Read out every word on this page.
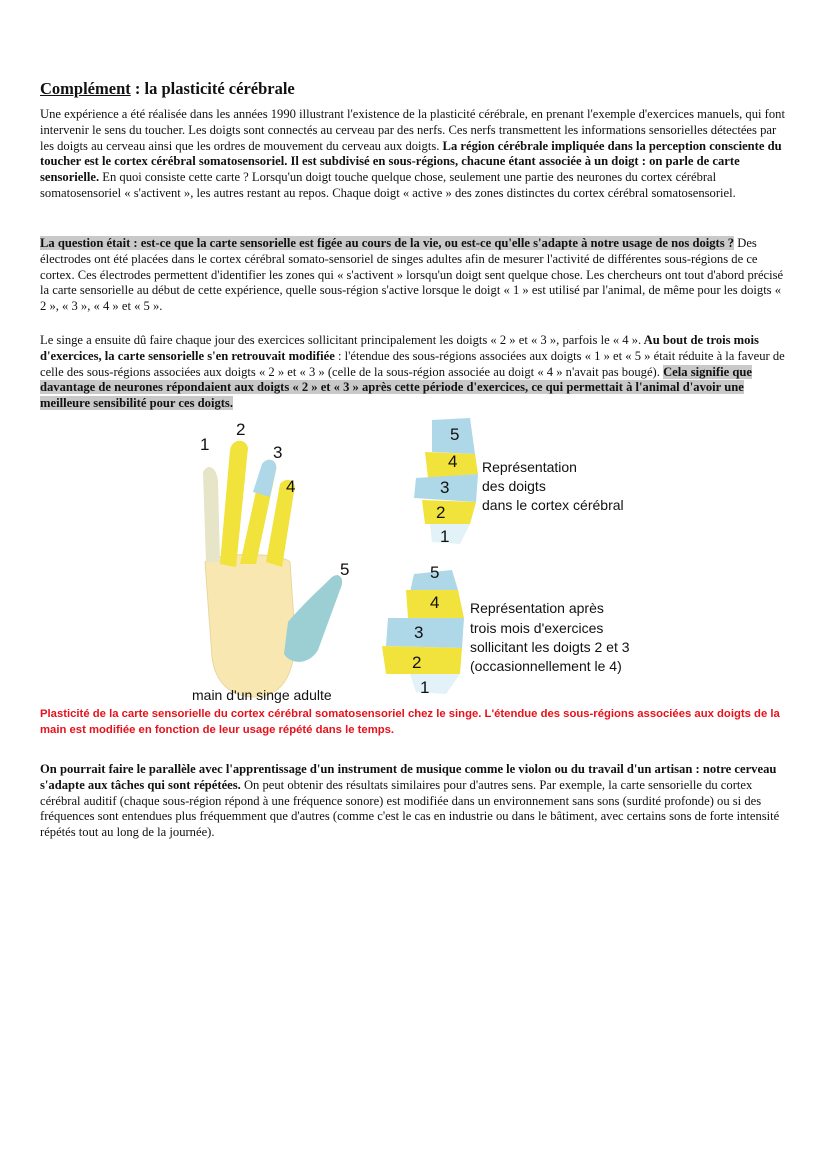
Complément : la plasticité cérébrale

Une expérience a été réalisée dans les années 1990 illustrant l'existence de la plasticité cérébrale, en prenant l'exemple d'exercices manuels, qui font intervenir le sens du toucher. Les doigts sont connectés au cerveau par des nerfs. Ces nerfs transmettent les informations sensorielles détectées par les doigts au cerveau ainsi que les ordres de mouvement du cerveau aux doigts. La région cérébrale impliquée dans la perception consciente du toucher est le cortex cérébral somatosensoriel. Il est subdivisé en sous-régions, chacune étant associée à un doigt : on parle de carte sensorielle. En quoi consiste cette carte ? Lorsqu'un doigt touche quelque chose, seulement une partie des neurones du cortex cérébral somatosensoriel « s'activent », les autres restant au repos. Chaque doigt « active » des zones distinctes du cortex cérébral somatosensoriel.

La question était : est-ce que la carte sensorielle est figée au cours de la vie, ou est-ce qu'elle s'adapte à notre usage de nos doigts ? Des électrodes ont été placées dans le cortex cérébral somato-sensoriel de singes adultes afin de mesurer l'activité de différentes sous-régions de ce cortex. Ces électrodes permettent d'identifier les zones qui « s'activent » lorsqu'un doigt sent quelque chose. Les chercheurs ont tout d'abord précisé la carte sensorielle au début de cette expérience, quelle sous-région s'active lorsque le doigt « 1 » est utilisé par l'animal, de même pour les doigts « 2 », « 3 », « 4 » et « 5 ».

Le singe a ensuite dû faire chaque jour des exercices sollicitant principalement les doigts « 2 » et « 3 », parfois le « 4 ». Au bout de trois mois d'exercices, la carte sensorielle s'en retrouvait modifiée : l'étendue des sous-régions associées aux doigts « 1 » et « 5 » était réduite à la faveur de celle des sous-régions associées aux doigts « 2 » et « 3 » (celle de la sous-région associée au doigt « 4 » n'avait pas bougé). Cela signifie que davantage de neurones répondaient aux doigts « 2 » et « 3 » après cette période d'exercices, ce qui permettait à l'animal d'avoir une meilleure sensibilité pour ces doigts.

1
2
3
4
5
main d'un singe adulte
5
4
3
2
1
Représentation
des doigts
dans le cortex cérébral
5
4
3
2
1
Représentation après
trois mois d'exercices
sollicitant les doigts 2 et 3
(occasionnellement le 4)

Plasticité de la carte sensorielle du cortex cérébral somatosensoriel chez le singe. L'étendue des sous-régions associées aux doigts de la main est modifiée en fonction de leur usage répété dans le temps.

On pourrait faire le parallèle avec l'apprentissage d'un instrument de musique comme le violon ou du travail d'un artisan : notre cerveau s'adapte aux tâches qui sont répétées. On peut obtenir des résultats similaires pour d'autres sens. Par exemple, la carte sensorielle du cortex cérébral auditif (chaque sous-région répond à une fréquence sonore) est modifiée dans un environnement sans sons (surdité profonde) ou si des fréquences sont entendues plus fréquemment que d'autres (comme c'est le cas en industrie ou dans le bâtiment, avec certains sons de forte intensité répétés tout au long de la journée).
